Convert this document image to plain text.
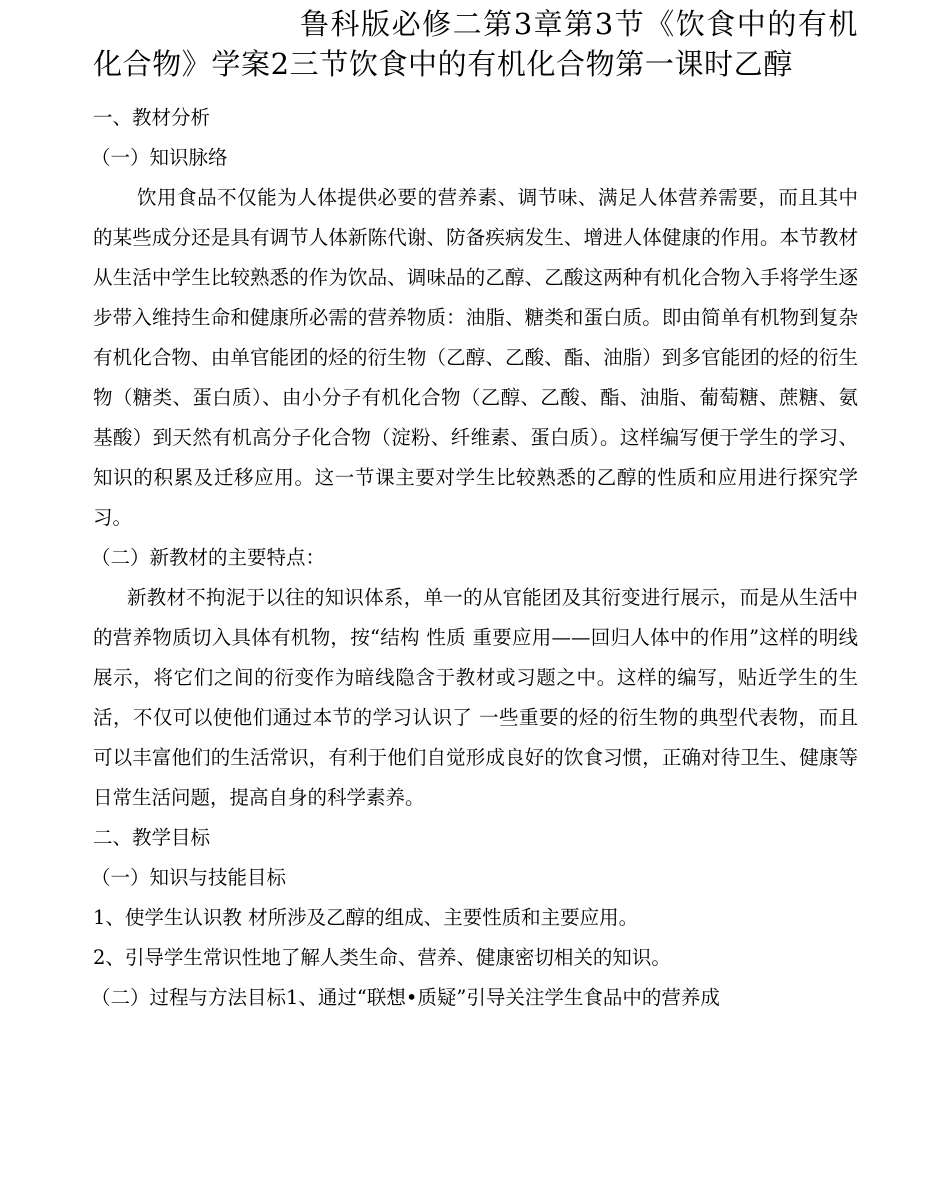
鲁科版必修二第3章第3节《饮食中的有机化合物》学案2三节饮食中的有机化合物第一课时乙醇

一、教材分析

（一）知识脉络

饮用食品不仅能为人体提供必要的营养素、调节味、满足人体营养需要，而且其中的某些成分还是具有调节人体新陈代谢、防备疾病发生、增进人体健康的作用。本节教材从生活中学生比较熟悉的作为饮品、调味品的乙醇、乙酸这两种有机化合物入手将学生逐步带入维持生命和健康所必需的营养物质：油脂、糖类和蛋白质。即由简单有机物到复杂有机化合物、由单官能团的烃的衍生物（乙醇、乙酸、酯、油脂）到多官能团的烃的衍生物（糖类、蛋白质）、由小分子有机化合物（乙醇、乙酸、酯、油脂、葡萄糖、蔗糖、氨基酸）到天然有机高分子化合物（淀粉、纤维素、蛋白质）。这样编写便于学生的学习、知识的积累及迁移应用。这一节课主要对学生比较熟悉的乙醇的性质和应用进行探究学习。

（二）新教材的主要特点：

新教材不拘泥于以往的知识体系，单一的从官能团及其衍变进行展示，而是从生活中的营养物质切入具体有机物，按“结构 性质 重要应用——回归人体中的作用”这样的明线展示，将它们之间的衍变作为暗线隐含于教材或习题之中。这样的编写，贴近学生的生活，不仅可以使他们通过本节的学习认识了 一些重要的烃的衍生物的典型代表物，而且可以丰富他们的生活常识，有利于他们自觉形成良好的饮食习惯，正确对待卫生、健康等日常生活问题，提高自身的科学素养。

二、教学目标

（一）知识与技能目标

1、使学生认识教 材所涉及乙醇的组成、主要性质和主要应用。

2、引导学生常识性地了解人类生命、营养、健康密切相关的知识。

（二）过程与方法目标1、通过“联想•质疑”引导关注学生食品中的营养成
